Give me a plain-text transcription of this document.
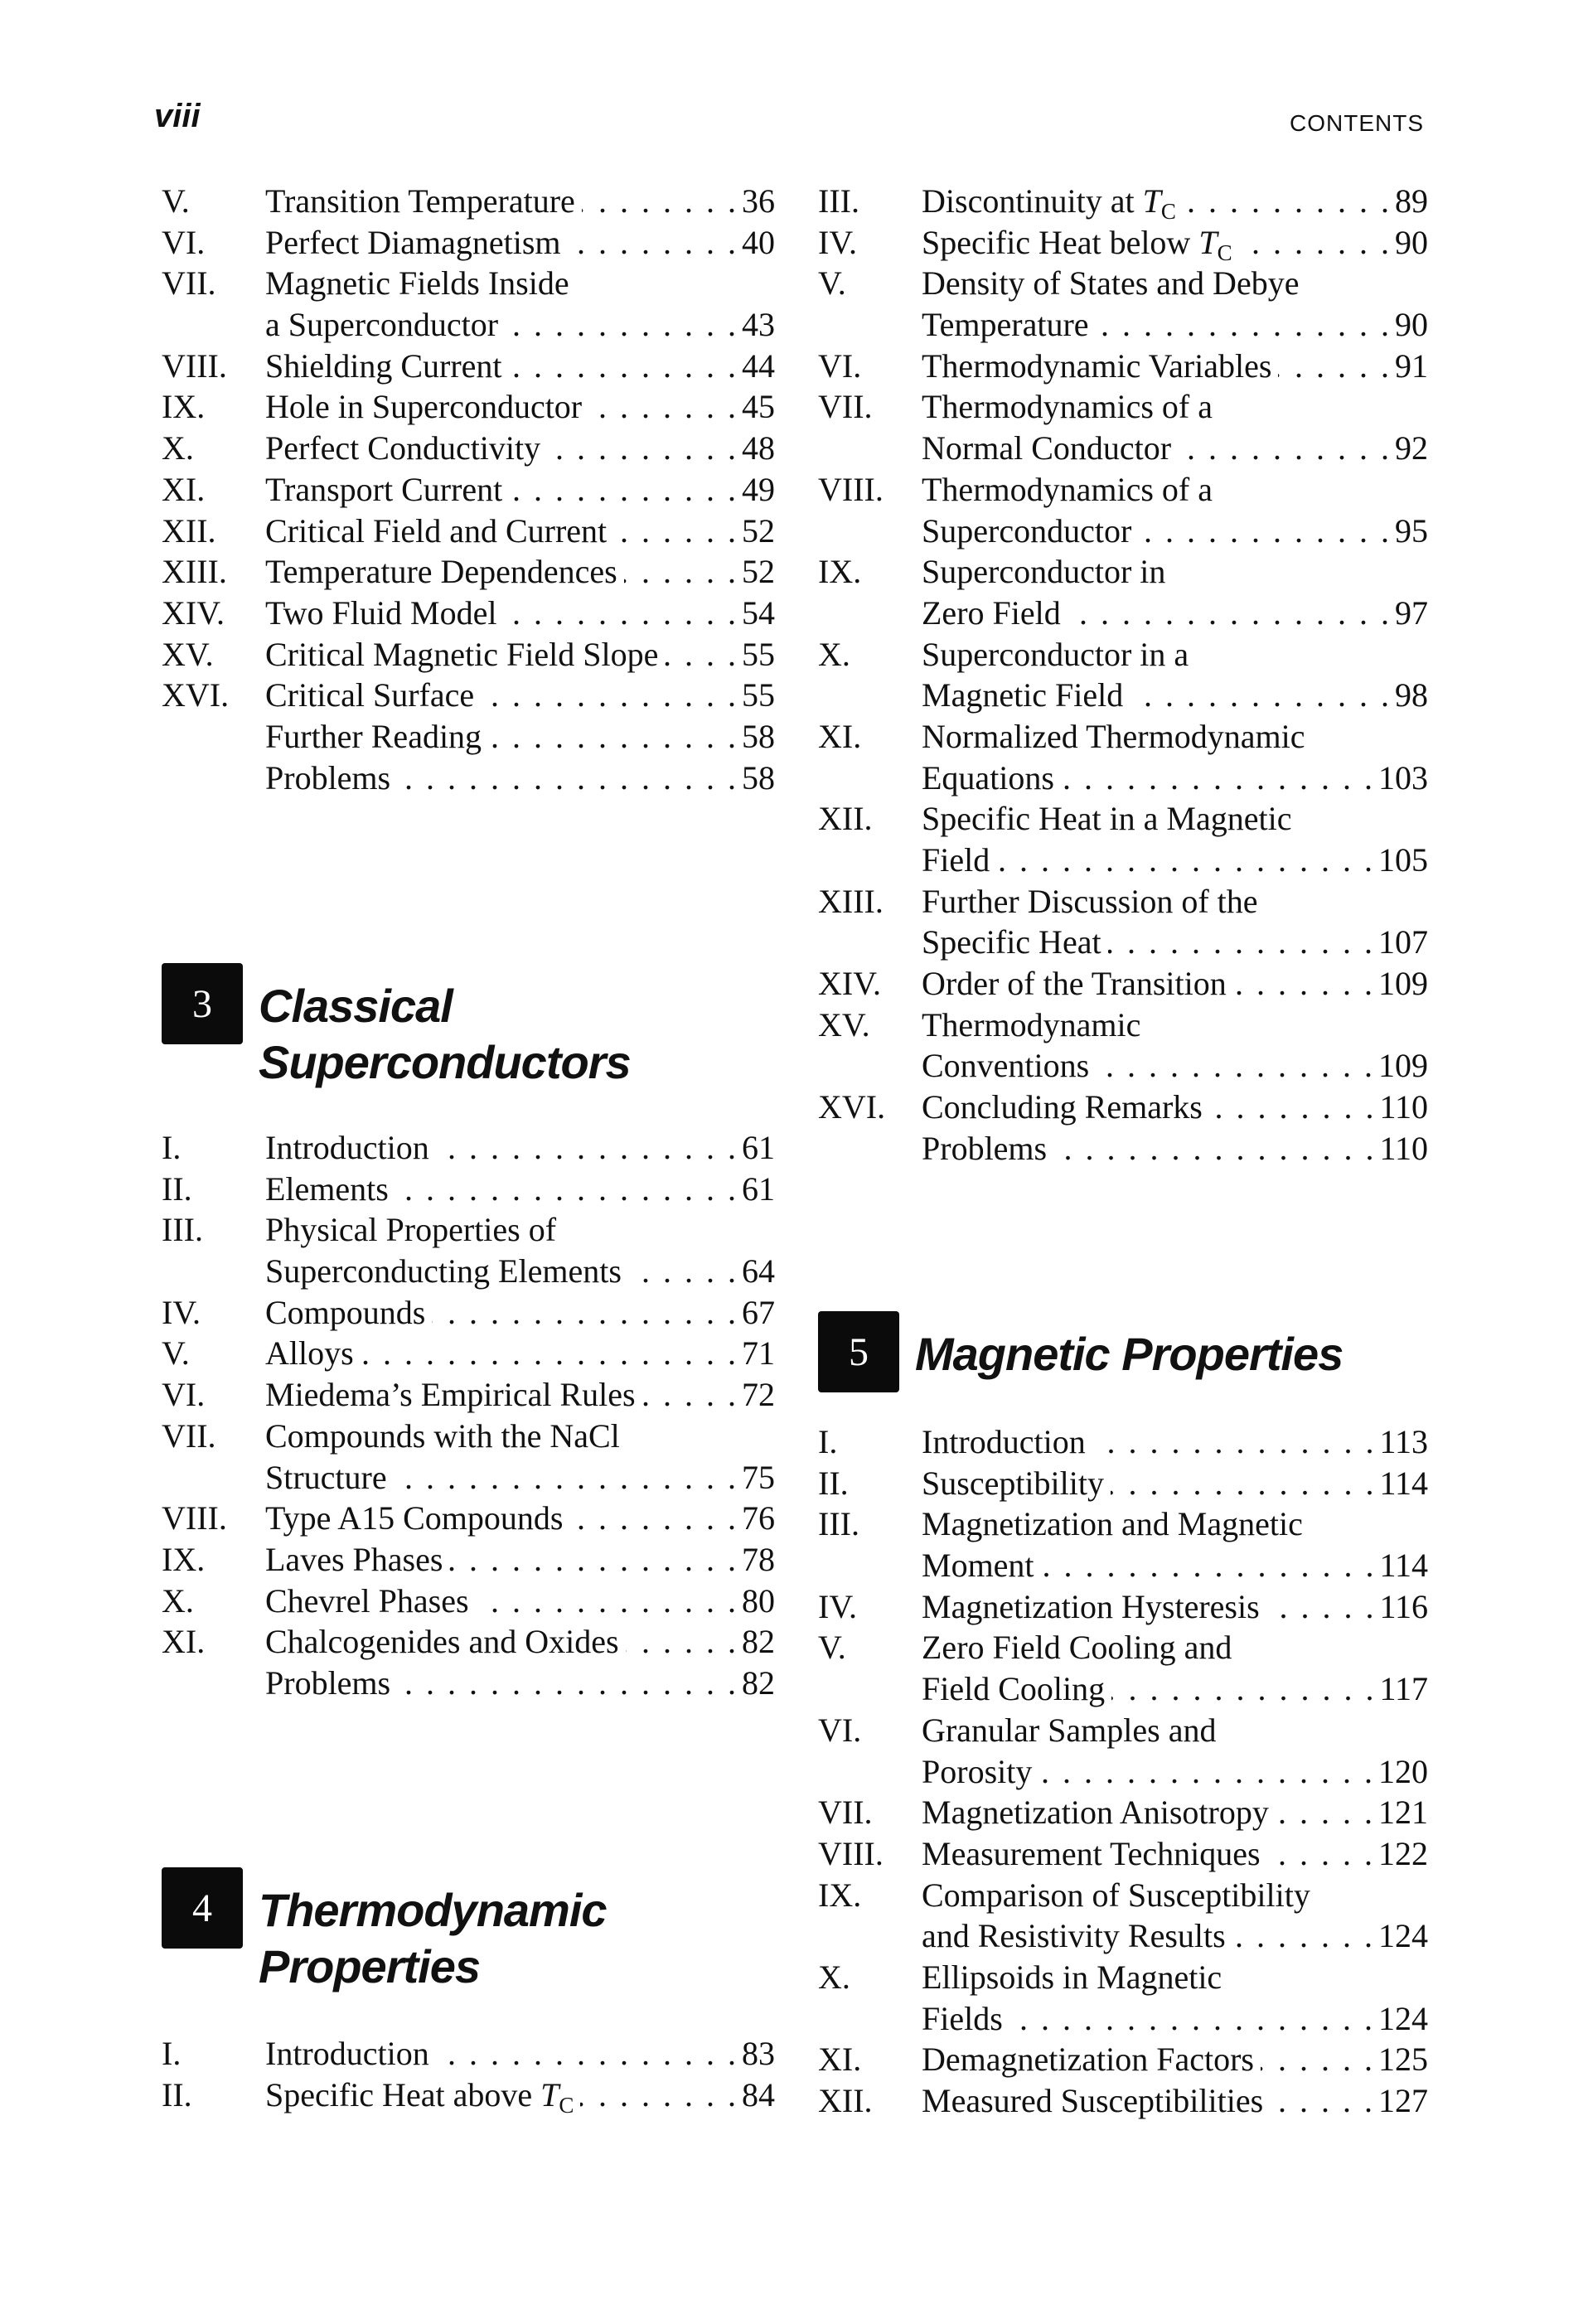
viii	CONTENTS
V.	Transition Temperature . . .	36
VI.	Perfect Diamagnetism . . .	40
VII.	Magnetic Fields Inside
a Superconductor . . .	43
VIII.	Shielding Current . . .	44
IX.	Hole in Superconductor . . .	45
X.	Perfect Conductivity . . .	48
XI.	Transport Current . . .	49
XII.	Critical Field and Current . . .	52
XIII.	Temperature Dependences . . .	52
XIV.	Two Fluid Model . . .	54
XV.	Critical Magnetic Field Slope . . .	55
XVI.	Critical Surface . . .	55
Further Reading . . .	58
Problems . . .	58
3	Classical
Superconductors
I.	Introduction . . .	61
II.	Elements . . .	61
III.	Physical Properties of
Superconducting Elements . . .	64
IV.	Compounds . . .	67
V.	Alloys . . .	71
VI.	Miedema’s Empirical Rules . . .	72
VII.	Compounds with the NaCl
Structure . . .	75
VIII.	Type A15 Compounds . . .	76
IX.	Laves Phases . . .	78
X.	Chevrel Phases . . .	80
XI.	Chalcogenides and Oxides . . .	82
Problems . . .	82
4	Thermodynamic
Properties
I.	Introduction . . .	83
II.	Specific Heat above $T_C$ . . .	84
III.	Discontinuity at $T_C$ . . .	89
IV.	Specific Heat below $T_C$ . . .	90
V.	Density of States and Debye
Temperature . . .	90
VI.	Thermodynamic Variables . . .	91
VII.	Thermodynamics of a
Normal Conductor . . .	92
VIII.	Thermodynamics of a
Superconductor . . .	95
IX.	Superconductor in
Zero Field . . .	97
X.	Superconductor in a
Magnetic Field . . .	98
XI.	Normalized Thermodynamic
Equations . . .	103
XII.	Specific Heat in a Magnetic
Field . . .	105
XIII.	Further Discussion of the
Specific Heat . . .	107
XIV.	Order of the Transition . . .	109
XV.	Thermodynamic
Conventions . . .	109
XVI.	Concluding Remarks . . .	110
Problems . . .	110
5	Magnetic Properties
I.	Introduction . . .	113
II.	Susceptibility . . .	114
III.	Magnetization and Magnetic
Moment . . .	114
IV.	Magnetization Hysteresis . . .	116
V.	Zero Field Cooling and
Field Cooling . . .	117
VI.	Granular Samples and
Porosity . . .	120
VII.	Magnetization Anisotropy . . .	121
VIII.	Measurement Techniques . . .	122
IX.	Comparison of Susceptibility
and Resistivity Results . . .	124
X.	Ellipsoids in Magnetic
Fields . . .	124
XI.	Demagnetization Factors . . .	125
XII.	Measured Susceptibilities . . .	127
